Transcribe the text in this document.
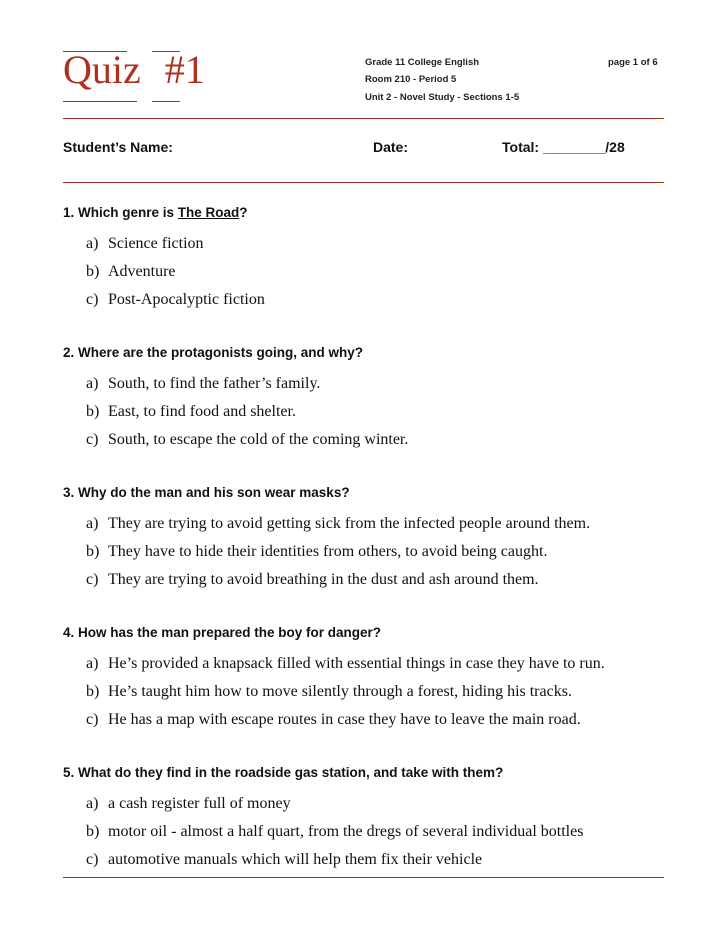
Quiz #1	Grade 11 College English
Room 210 - Period 5
Unit 2 - Novel Study - Sections 1-5
page 1 of 6
Student’s Name:	Date:	Total: ________/28
1. Which genre is The Road?
a) Science fiction
b) Adventure
c) Post-Apocalyptic fiction
2. Where are the protagonists going, and why?
a) South, to find the father’s family.
b) East, to find food and shelter.
c) South, to escape the cold of the coming winter.
3. Why do the man and his son wear masks?
a) They are trying to avoid getting sick from the infected people around them.
b) They have to hide their identities from others, to avoid being caught.
c) They are trying to avoid breathing in the dust and ash around them.
4. How has the man prepared the boy for danger?
a) He’s provided a knapsack filled with essential things in case they have to run.
b) He’s taught him how to move silently through a forest, hiding his tracks.
c) He has a map with escape routes in case they have to leave the main road.
5. What do they find in the roadside gas station, and take with them?
a) a cash register full of money
b) motor oil - almost a half quart, from the dregs of several individual bottles
c) automotive manuals which will help them fix their vehicle
